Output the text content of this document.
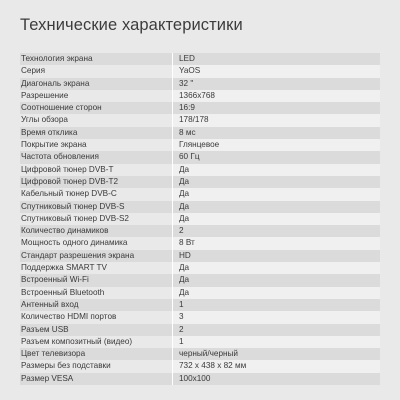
Технические характеристики
Технология экрана	LED
Серия	YaOS
Диагональ экрана	32 "
Разрешение	1366х768
Соотношение сторон	16:9
Углы обзора	178/178
Время отклика	8 мс
Покрытие экрана	Глянцевое
Частота обновления	60 Гц
Цифровой тюнер DVB-T	Да
Цифровой тюнер DVB-T2	Да
Кабельный тюнер DVB-C	Да
Спутниковый тюнер DVB-S	Да
Спутниковый тюнер DVB-S2	Да
Количество динамиков	2
Мощность одного динамика	8 Вт
Стандарт разрешения экрана	HD
Поддержка SMART TV	Да
Встроенный Wi-Fi	Да
Встроенный Bluetooth	Да
Антенный вход	1
Количество HDMI портов	3
Разъем USB	2
Разъем композитный (видео)	1
Цвет телевизора	черный/черный
Размеры без подставки	732 х 438 х 82 мм
Размер VESA	100х100
